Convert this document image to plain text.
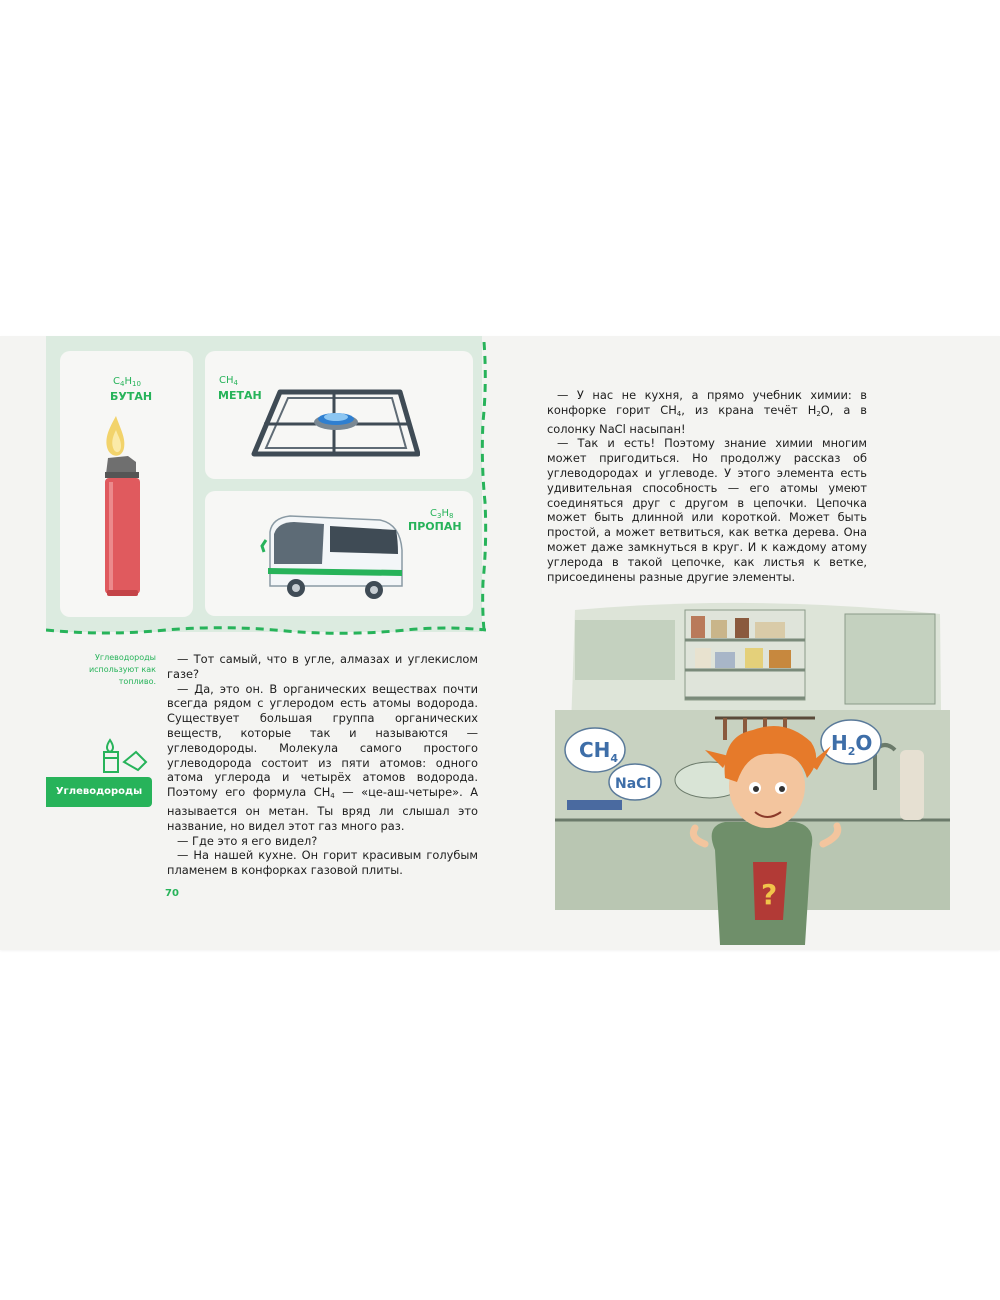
$C_4H_{10}$
БУТАН
$CH_4$
МЕТАН
$C_3H_8$
ПРОПАН
Углеводороды используют как топливо.
Углеводороды

— Тот самый, что в угле, алмазах и углекислом газе?

— Да, это он. В органических веществах почти всегда рядом с углеродом есть атомы водорода. Существует большая группа органических веществ, которые так и называются — углеводороды. Молекула самого простого углеводорода состоит из пяти атомов: одного атома углерода и четырёх атомов водорода. Поэтому его формула $CH_4$ — «це-аш-четыре». А называется он метан. Ты вряд ли слышал это название, но видел этот газ много раз.

— Где это я его видел?

— На нашей кухне. Он горит красивым голубым пламенем в конфорках газовой плиты.

70

— У нас не кухня, а прямо учебник химии: в конфорке горит $CH_4$, из крана течёт $H_2O$, а в солонку NaCl насыпан!

— Так и есть! Поэтому знание химии многим может пригодиться. Но продолжу рассказ об углеводородах и углеводе. У этого элемента есть удивительная способность — его атомы умеют соединяться друг с другом в цепочки. Цепочка может быть длинной или короткой. Может быть простой, а может ветвиться, как ветка дерева. Она может даже замкнуться в круг. И к каждому атому углерода в такой цепочке, как листья к ветке, присоединены разные другие элементы.

$CH_4$
NaCl
$H_2O$
?
